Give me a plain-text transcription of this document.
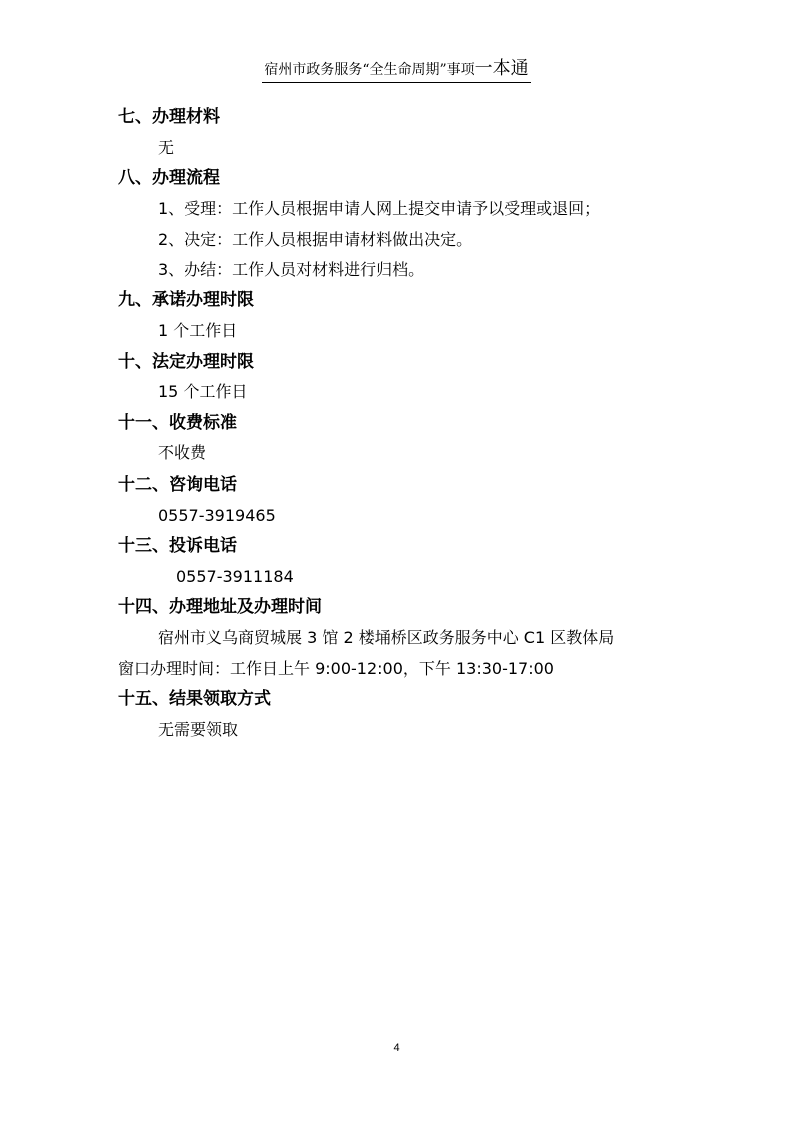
宿州市政务服务“全生命周期”事项一本通
七、办理材料
无
八、办理流程
1、受理：工作人员根据申请人网上提交申请予以受理或退回；
2、决定：工作人员根据申请材料做出决定。
3、办结：工作人员对材料进行归档。
九、承诺办理时限
1 个工作日
十、法定办理时限
15 个工作日
十一、收费标准
不收费
十二、咨询电话
0557-3919465
十三、投诉电话
0557-3911184
十四、办理地址及办理时间
宿州市义乌商贸城展 3 馆 2 楼埇桥区政务服务中心 C1 区教体局
窗口办理时间：工作日上午 9:00-12:00，下午 13:30-17:00
十五、结果领取方式
无需要领取
4
